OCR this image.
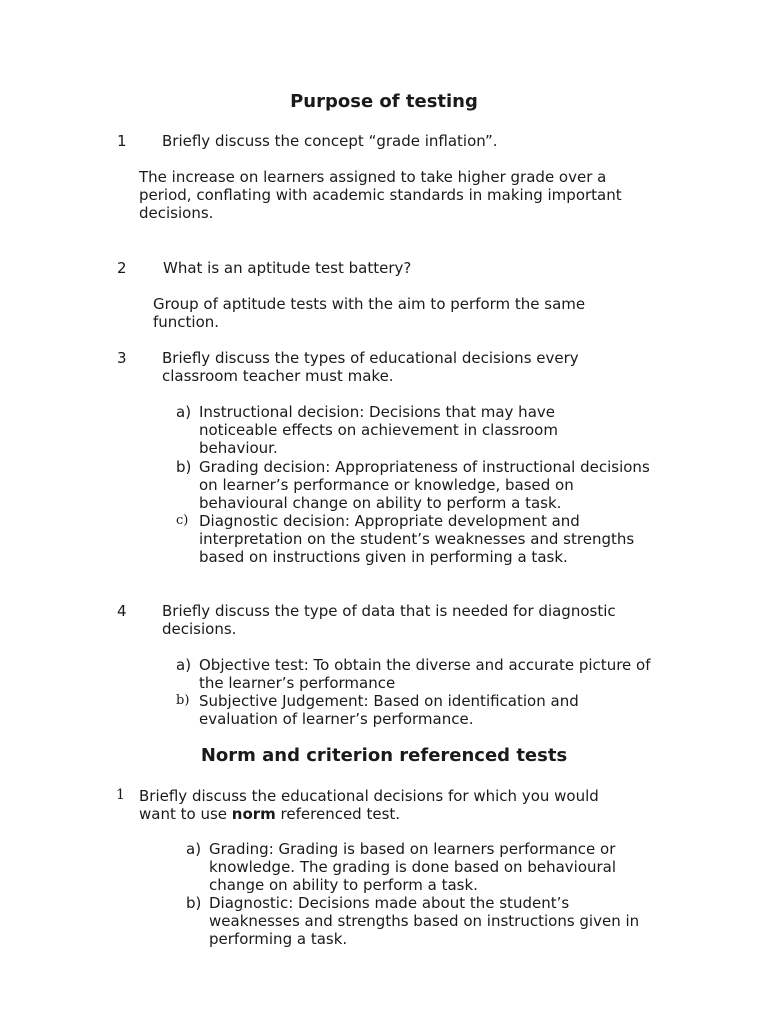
Purpose of testing
1 Briefly discuss the concept “grade inflation”.

The increase on learners assigned to take higher grade over a period, conflating with academic standards in making important decisions.

2 What is an aptitude test battery?

Group of aptitude tests with the aim to perform the same function.

3 Briefly discuss the types of educational decisions every classroom teacher must make.

a) Instructional decision: Decisions that may have noticeable effects on achievement in classroom behaviour.
b) Grading decision: Appropriateness of instructional decisions on learner’s performance or knowledge, based on behavioural change on ability to perform a task.
c) Diagnostic decision: Appropriate development and interpretation on the student’s weaknesses and strengths based on instructions given in performing a task.
4 Briefly discuss the type of data that is needed for diagnostic decisions.

a) Objective test: To obtain the diverse and accurate picture of the learner’s performance
b) Subjective Judgement: Based on identification and evaluation of learner’s performance.
Norm and criterion referenced tests
1 Briefly discuss the educational decisions for which you would want to use norm referenced test.

a) Grading: Grading is based on learners performance or knowledge. The grading is done based on behavioural change on ability to perform a task.
b) Diagnostic: Decisions made about the student’s weaknesses and strengths based on instructions given in performing a task.
